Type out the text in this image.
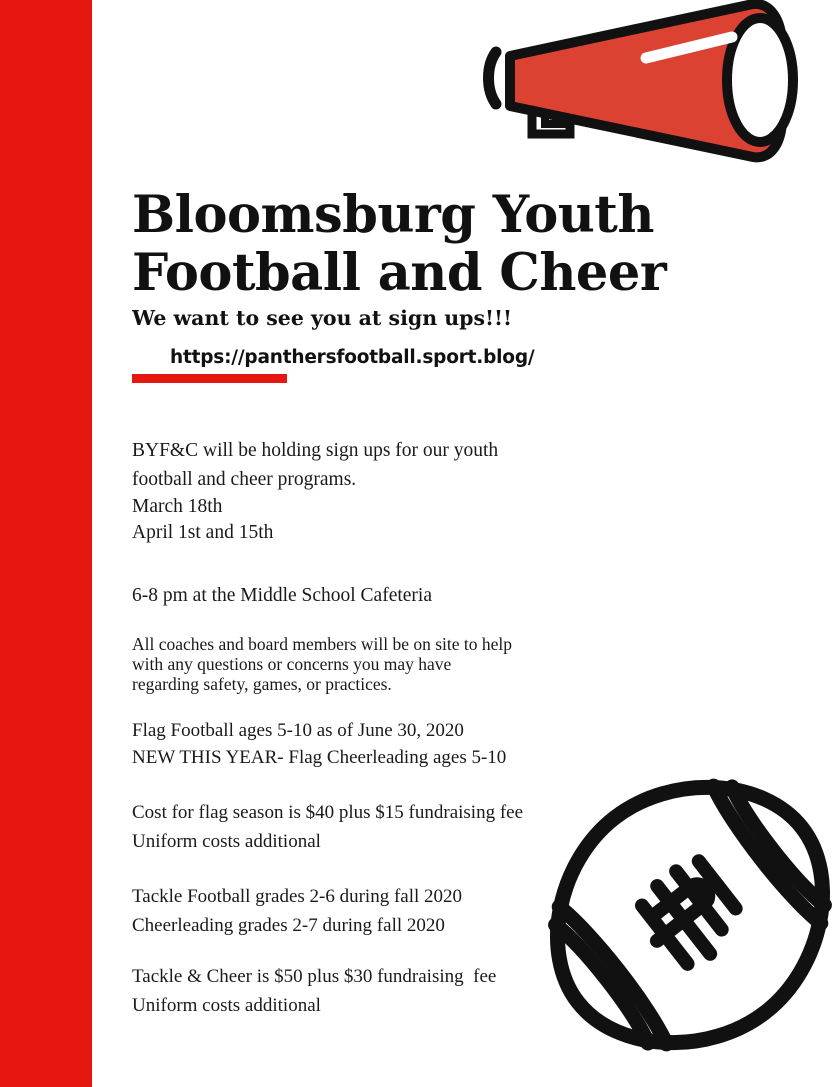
Bloomsburg Youth
Football and Cheer
We want to see you at sign ups!!!
https://panthersfootball.sport.blog/
BYF&C will be holding sign ups for our youth
football and cheer programs.
March 18th
April 1st and 15th
6-8 pm at the Middle School Cafeteria
All coaches and board members will be on site to help
with any questions or concerns you may have
regarding safety, games, or practices.
Flag Football ages 5-10 as of June 30, 2020
NEW THIS YEAR- Flag Cheerleading ages 5-10
Cost for flag season is $40 plus $15 fundraising fee
Uniform costs additional
Tackle Football grades 2-6 during fall 2020
Cheerleading grades 2-7 during fall 2020
Tackle & Cheer is $50 plus $30 fundraising  fee
Uniform costs additional
